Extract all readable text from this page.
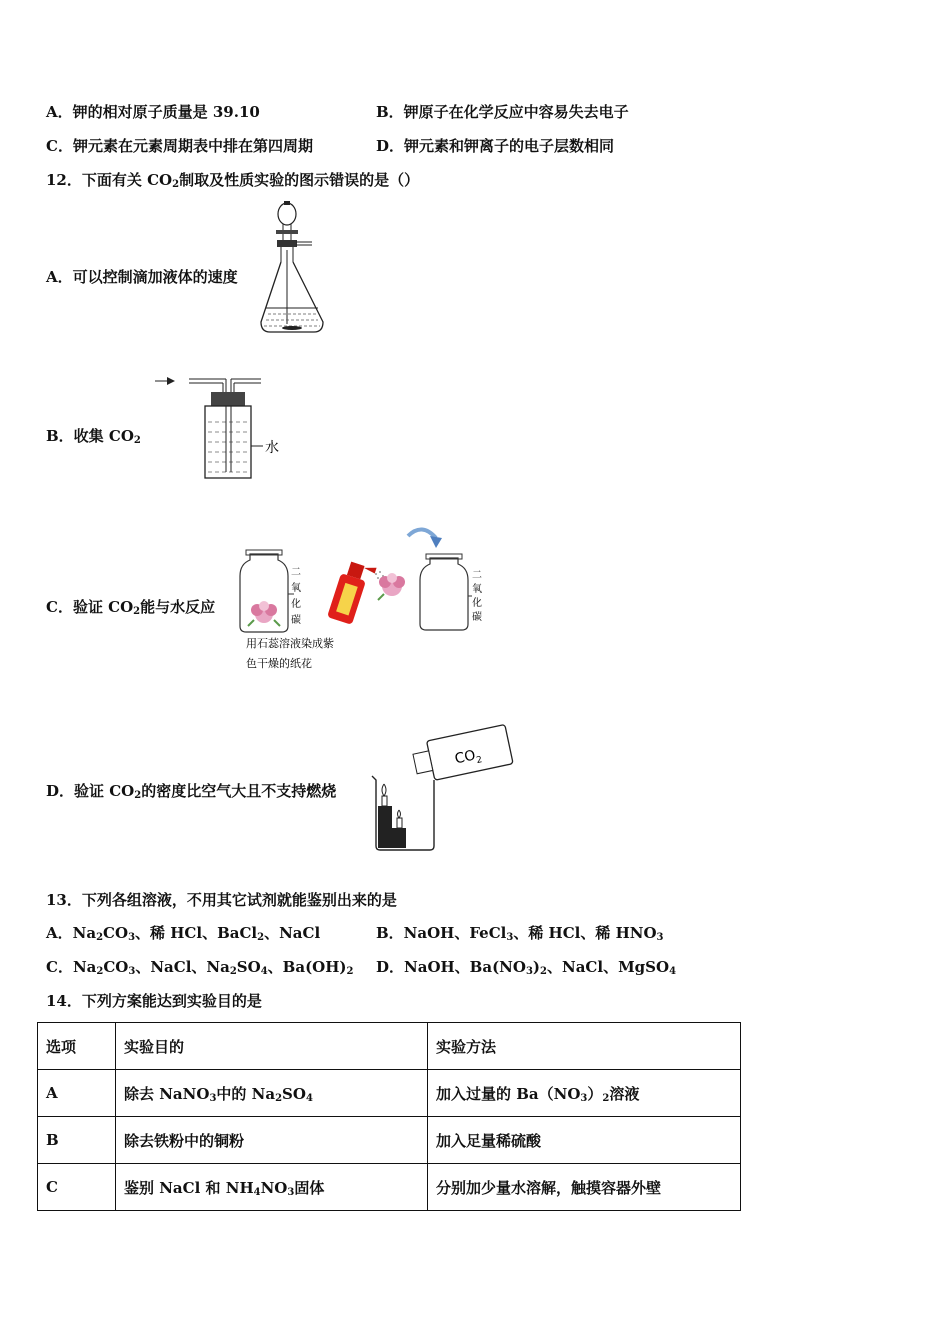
A．钾的相对原子质量是 39.10	B．钾原子在化学反应中容易失去电子
C．钾元素在元素周期表中排在第四周期	D．钾元素和钾离子的电子层数相同
12．下面有关 $CO_2$制取及性质实验的图示错误的是（）
A．可以控制滴加液体的速度
B．收集 $CO_2$	水
C．验证 $CO_2$能与水反应
二
氧
化
碳
用石蕊溶液染成紫
色干燥的纸花
二
氧
化
碳
D．验证 $CO_2$的密度比空气大且不支持燃烧
$CO_2$
13．下列各组溶液，不用其它试剂就能鉴别出来的是
A．$Na_2CO_3$、稀 HCl、BaCl$_2$、NaCl	B．NaOH、FeCl$_3$、稀 HCl、稀 $HNO_3$
C．$Na_2CO_3$、NaCl、$Na_2SO_4$、$Ba(OH)_2$ D．NaOH、$Ba(NO_3)_2$、NaCl、MgSO$_4$
14．下列方案能达到实验目的是
选项	实验目的	实验方法
A	除去 NaNO$_3$中的 $Na_2SO_4$	加入过量的 $Ba(NO_3)_2$溶液
B	除去铁粉中的铜粉	加入足量稀硫酸
C	鉴别 NaCl 和 $NH_4NO_3$固体	分别加少量水溶解，触摸容器外壁
